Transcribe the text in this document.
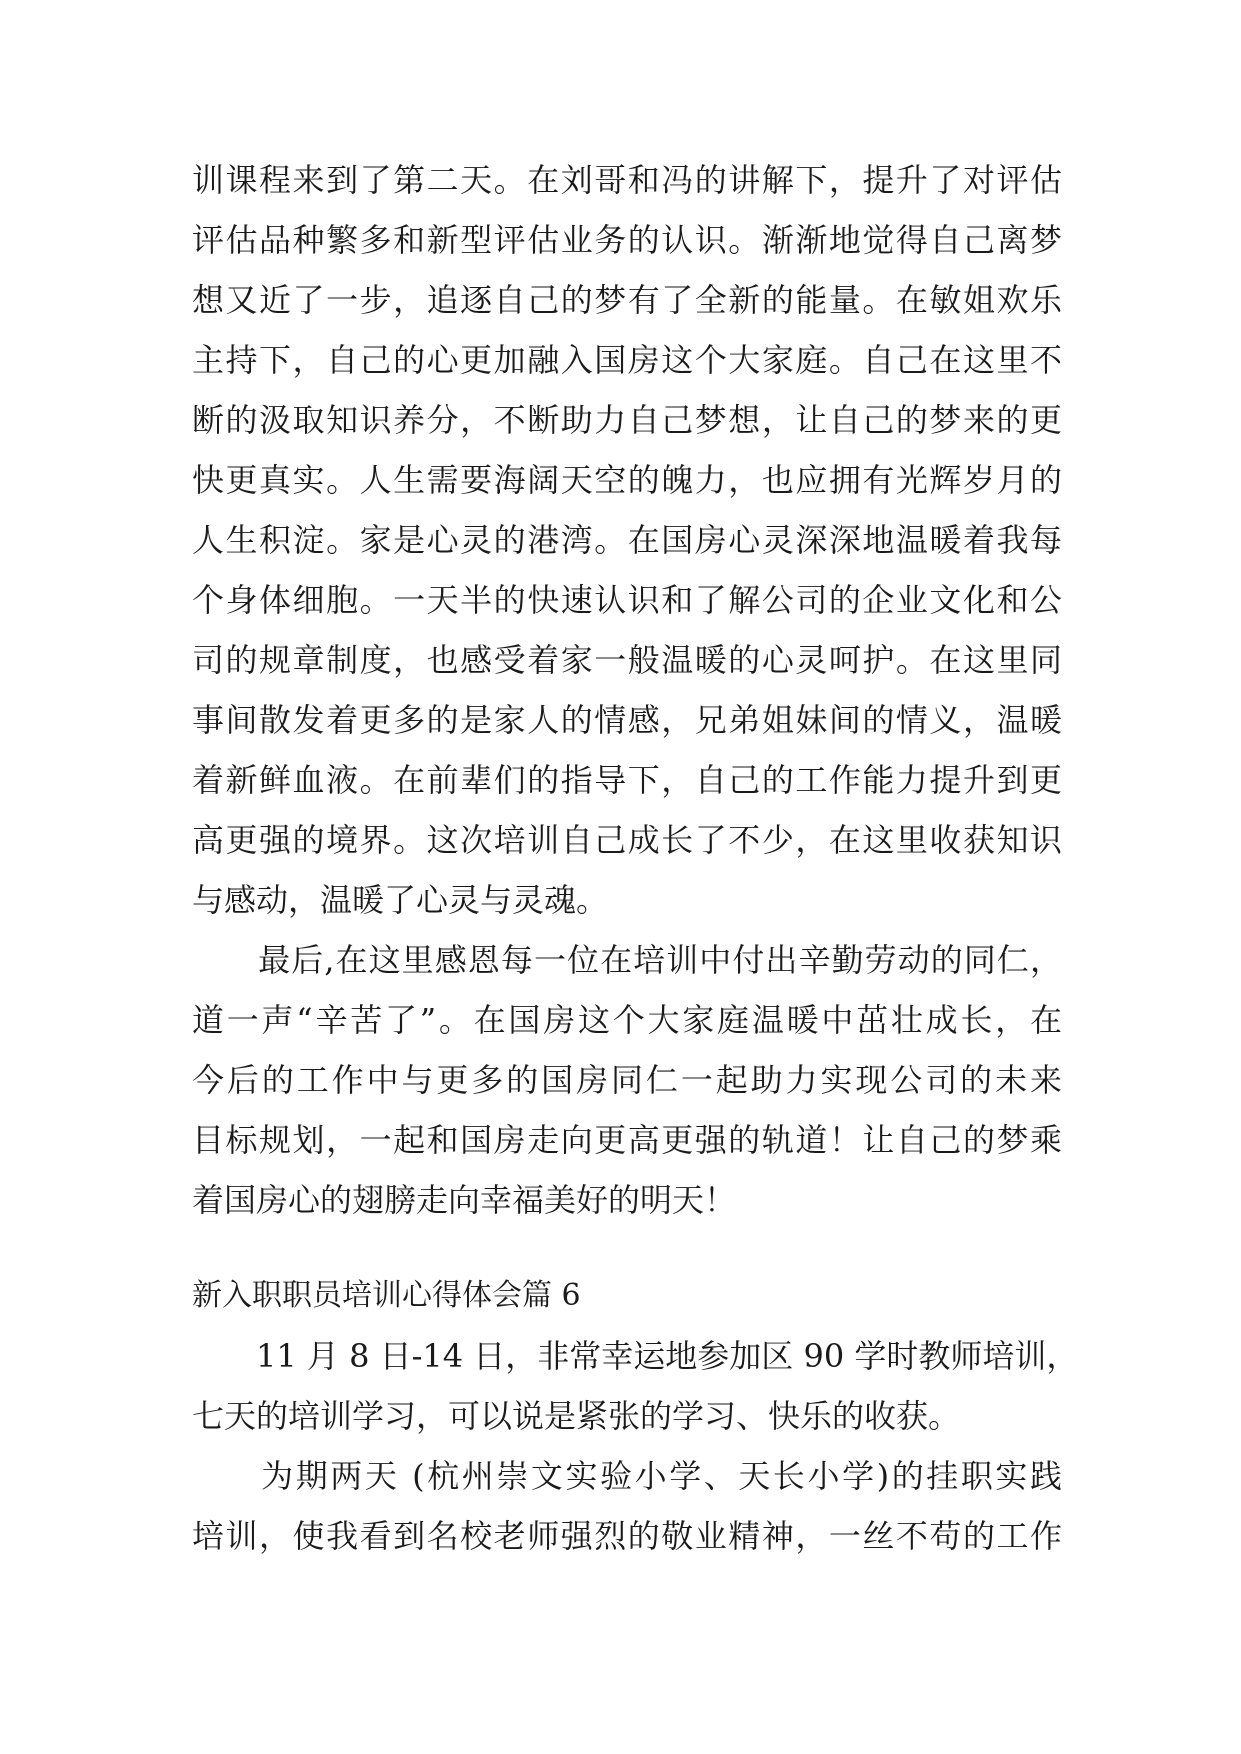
训课程来到了第二天。在刘哥和冯的讲解下，提升了对评估
评估品种繁多和新型评估业务的认识。渐渐地觉得自己离梦
想又近了一步，追逐自己的梦有了全新的能量。在敏姐欢乐
主持下，自己的心更加融入国房这个大家庭。自己在这里不
断的汲取知识养分，不断助力自己梦想，让自己的梦来的更
快更真实。人生需要海阔天空的魄力，也应拥有光辉岁月的
人生积淀。家是心灵的港湾。在国房心灵深深地温暖着我每
个身体细胞。一天半的快速认识和了解公司的企业文化和公
司的规章制度，也感受着家一般温暖的心灵呵护。在这里同
事间散发着更多的是家人的情感，兄弟姐妹间的情义，温暖
着新鲜血液。在前辈们的指导下，自己的工作能力提升到更
高更强的境界。这次培训自己成长了不少，在这里收获知识
与感动，温暖了心灵与灵魂。
　　最后,在这里感恩每一位在培训中付出辛勤劳动的同仁，
道一声“辛苦了”。在国房这个大家庭温暖中茁壮成长，在
今后的工作中与更多的国房同仁一起助力实现公司的未来
目标规划，一起和国房走向更高更强的轨道！让自己的梦乘
着国房心的翅膀走向幸福美好的明天！
新入职职员培训心得体会篇 6
　　11 月 8 日-14 日，非常幸运地参加区 90 学时教师培训，
七天的培训学习，可以说是紧张的学习、快乐的收获。
　　为期两天 (杭州崇文实验小学、天长小学)的挂职实践
培训，使我看到名校老师强烈的敬业精神，一丝不苟的工作
